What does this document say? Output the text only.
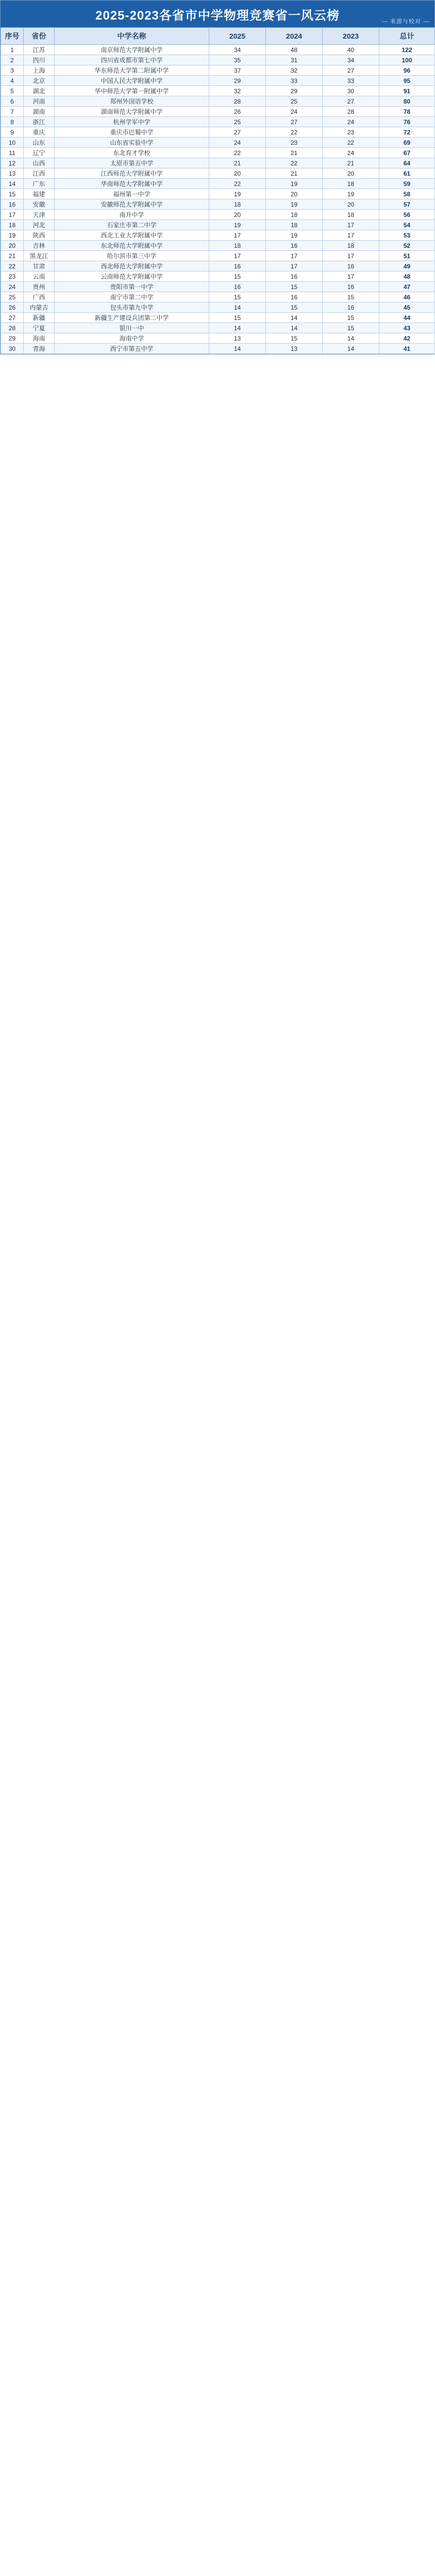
2025-2023各省市中学物理竞赛省一风云榜	— 来源与校对 —
序号	省份	中学名称	2025	2024	2023	总计
1	江苏	南京师范大学附属中学	34	48	40	122
2	四川	四川省成都市第七中学	35	31	34	100
3	上海	华东师范大学第二附属中学	37	32	27	96
4	北京	中国人民大学附属中学	29	33	33	95
5	湖北	华中师范大学第一附属中学	32	29	30	91
6	河南	郑州外国语学校	28	25	27	80
7	湖南	湖南师范大学附属中学	26	24	28	78
8	浙江	杭州学军中学	25	27	24	76
9	重庆	重庆市巴蜀中学	27	22	23	72
10	山东	山东省实验中学	24	23	22	69
11	辽宁	东北育才学校	22	21	24	67
12	山西	太原市第五中学	21	22	21	64
13	江西	江西师范大学附属中学	20	21	20	61
14	广东	华南师范大学附属中学	22	19	18	59
15	福建	福州第一中学	19	20	19	58
16	安徽	安徽师范大学附属中学	18	19	20	57
17	天津	南开中学	20	18	18	56
18	河北	石家庄市第二中学	19	18	17	54
19	陕西	西北工业大学附属中学	17	19	17	53
20	吉林	东北师范大学附属中学	18	16	18	52
21	黑龙江	哈尔滨市第三中学	17	17	17	51
22	甘肃	西北师范大学附属中学	16	17	16	49
23	云南	云南师范大学附属中学	15	16	17	48
24	贵州	贵阳市第一中学	16	15	16	47
25	广西	南宁市第二中学	15	16	15	46
26	内蒙古	包头市第九中学	14	15	16	45
27	新疆	新疆生产建设兵团第二中学	15	14	15	44
28	宁夏	银川一中	14	14	15	43
29	海南	海南中学	13	15	14	42
30	青海	西宁市第五中学	14	13	14	41
